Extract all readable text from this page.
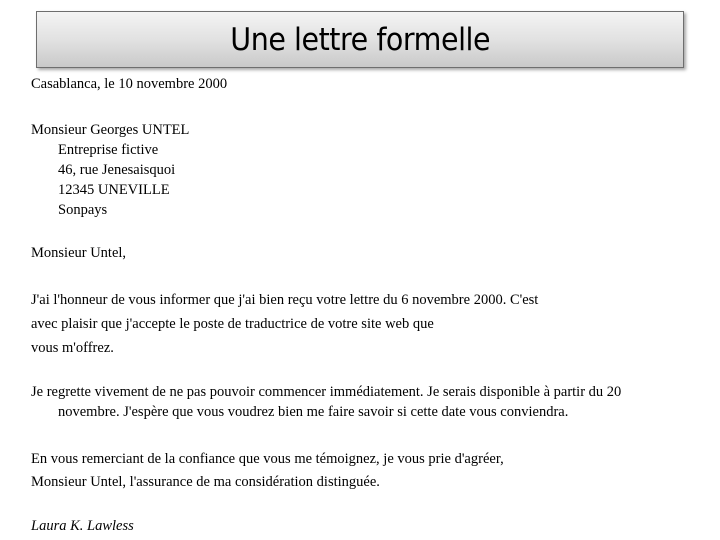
Une lettre formelle
Casablanca, le 10 novembre 2000
Monsieur Georges UNTEL
Entreprise fictive
46, rue Jenesaisquoi
12345 UNEVILLE
Sonpays
Monsieur Untel,
J'ai l'honneur de vous informer que j'ai bien reçu votre lettre du 6 novembre 2000. C'est
avec plaisir que j'accepte le poste de traductrice de votre site web que
vous m'offrez.
Je regrette vivement de ne pas pouvoir commencer immédiatement. Je serais disponible à partir du 20
novembre. J'espère que vous voudrez bien me faire savoir si cette date vous conviendra.
En vous remerciant de la confiance que vous me témoignez, je vous prie d'agréer,
Monsieur Untel, l'assurance de ma considération distinguée.
Laura K. Lawless
